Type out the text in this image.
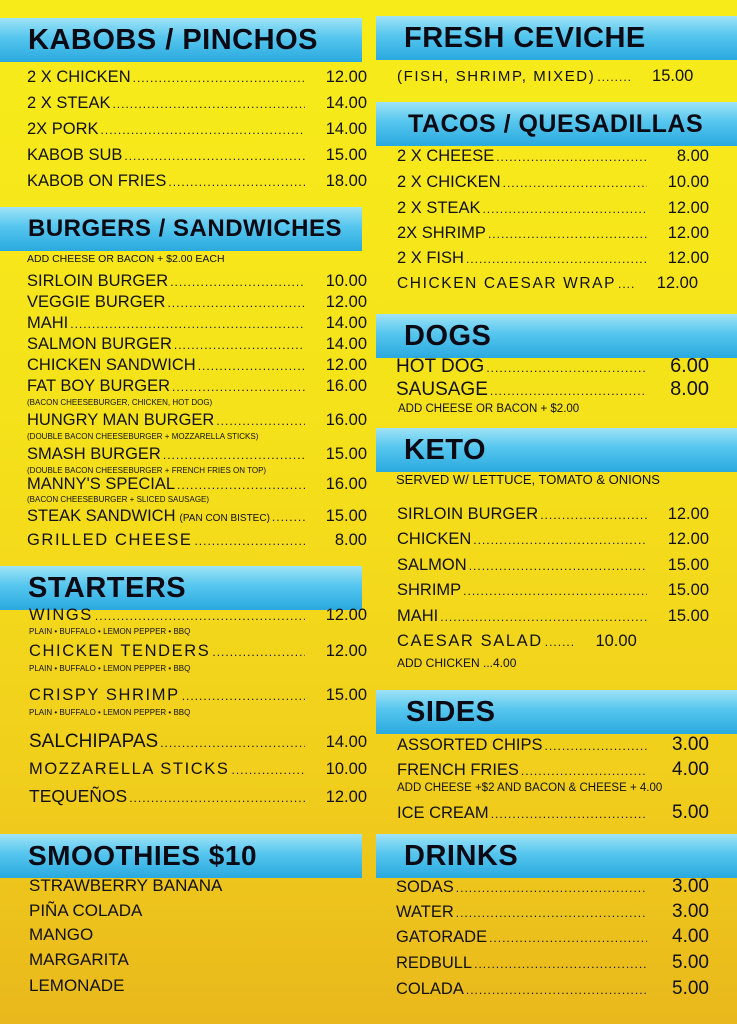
KABOBS / PINCHOS
2 X CHICKEN .....	12.00
2 X STEAK .....	14.00
2X PORK .....	14.00
KABOB SUB .....	15.00
KABOB ON FRIES .....	18.00
BURGERS / SANDWICHES
ADD CHEESE OR BACON + $2.00 EACH
SIRLOIN BURGER .....	10.00
VEGGIE BURGER .....	12.00
MAHI .....	14.00
SALMON BURGER .....	14.00
CHICKEN SANDWICH .....	12.00
FAT BOY BURGER .....	16.00
(BACON CHEESEBURGER, CHICKEN, HOT DOG)
HUNGRY MAN BURGER .....	16.00
(DOUBLE BACON CHEESEBURGER + MOZZARELLA STICKS)
SMASH BURGER .....	15.00
(DOUBLE BACON CHEESEBURGER + FRENCH FRIES ON TOP)
MANNY'S SPECIAL .....	16.00
(BACON CHEESEBURGER + SLICED SAUSAGE)
STEAK SANDWICH (PAN CON BISTEC) .....	15.00
GRILLED CHEESE .....	8.00
STARTERS
WINGS .....	12.00
PLAIN • BUFFALO • LEMON PEPPER • BBQ
CHICKEN TENDERS .....	12.00
PLAIN • BUFFALO • LEMON PEPPER • BBQ
CRISPY SHRIMP .....	15.00
PLAIN • BUFFALO • LEMON PEPPER • BBQ
SALCHIPAPAS .....	14.00
MOZZARELLA STICKS .....	10.00
TEQUEÑOS .....	12.00
SMOOTHIES $10
STRAWBERRY BANANA
PIÑA COLADA
MANGO
MARGARITA
LEMONADE
FRESH CEVICHE
(FISH, SHRIMP, MIXED) .....	15.00
TACOS / QUESADILLAS
2 X CHEESE .....	8.00
2 X CHICKEN .....	10.00
2 X STEAK .....	12.00
2X SHRIMP .....	12.00
2 X FISH .....	12.00
CHICKEN CAESAR WRAP .....	12.00
DOGS
HOT DOG .....	6.00
SAUSAGE .....	8.00
ADD CHEESE OR BACON + $2.00
KETO
SERVED W/ LETTUCE, TOMATO & ONIONS
SIRLOIN BURGER .....	12.00
CHICKEN .....	12.00
SALMON .....	15.00
SHRIMP .....	15.00
MAHI .....	15.00
CAESAR SALAD .....	10.00
ADD CHICKEN ...4.00
SIDES
ASSORTED CHIPS .....	3.00
FRENCH FRIES .....	4.00
ADD CHEESE +$2 AND BACON & CHEESE + 4.00
ICE CREAM .....	5.00
DRINKS
SODAS .....	3.00
WATER .....	3.00
GATORADE .....	4.00
REDBULL .....	5.00
COLADA .....	5.00
